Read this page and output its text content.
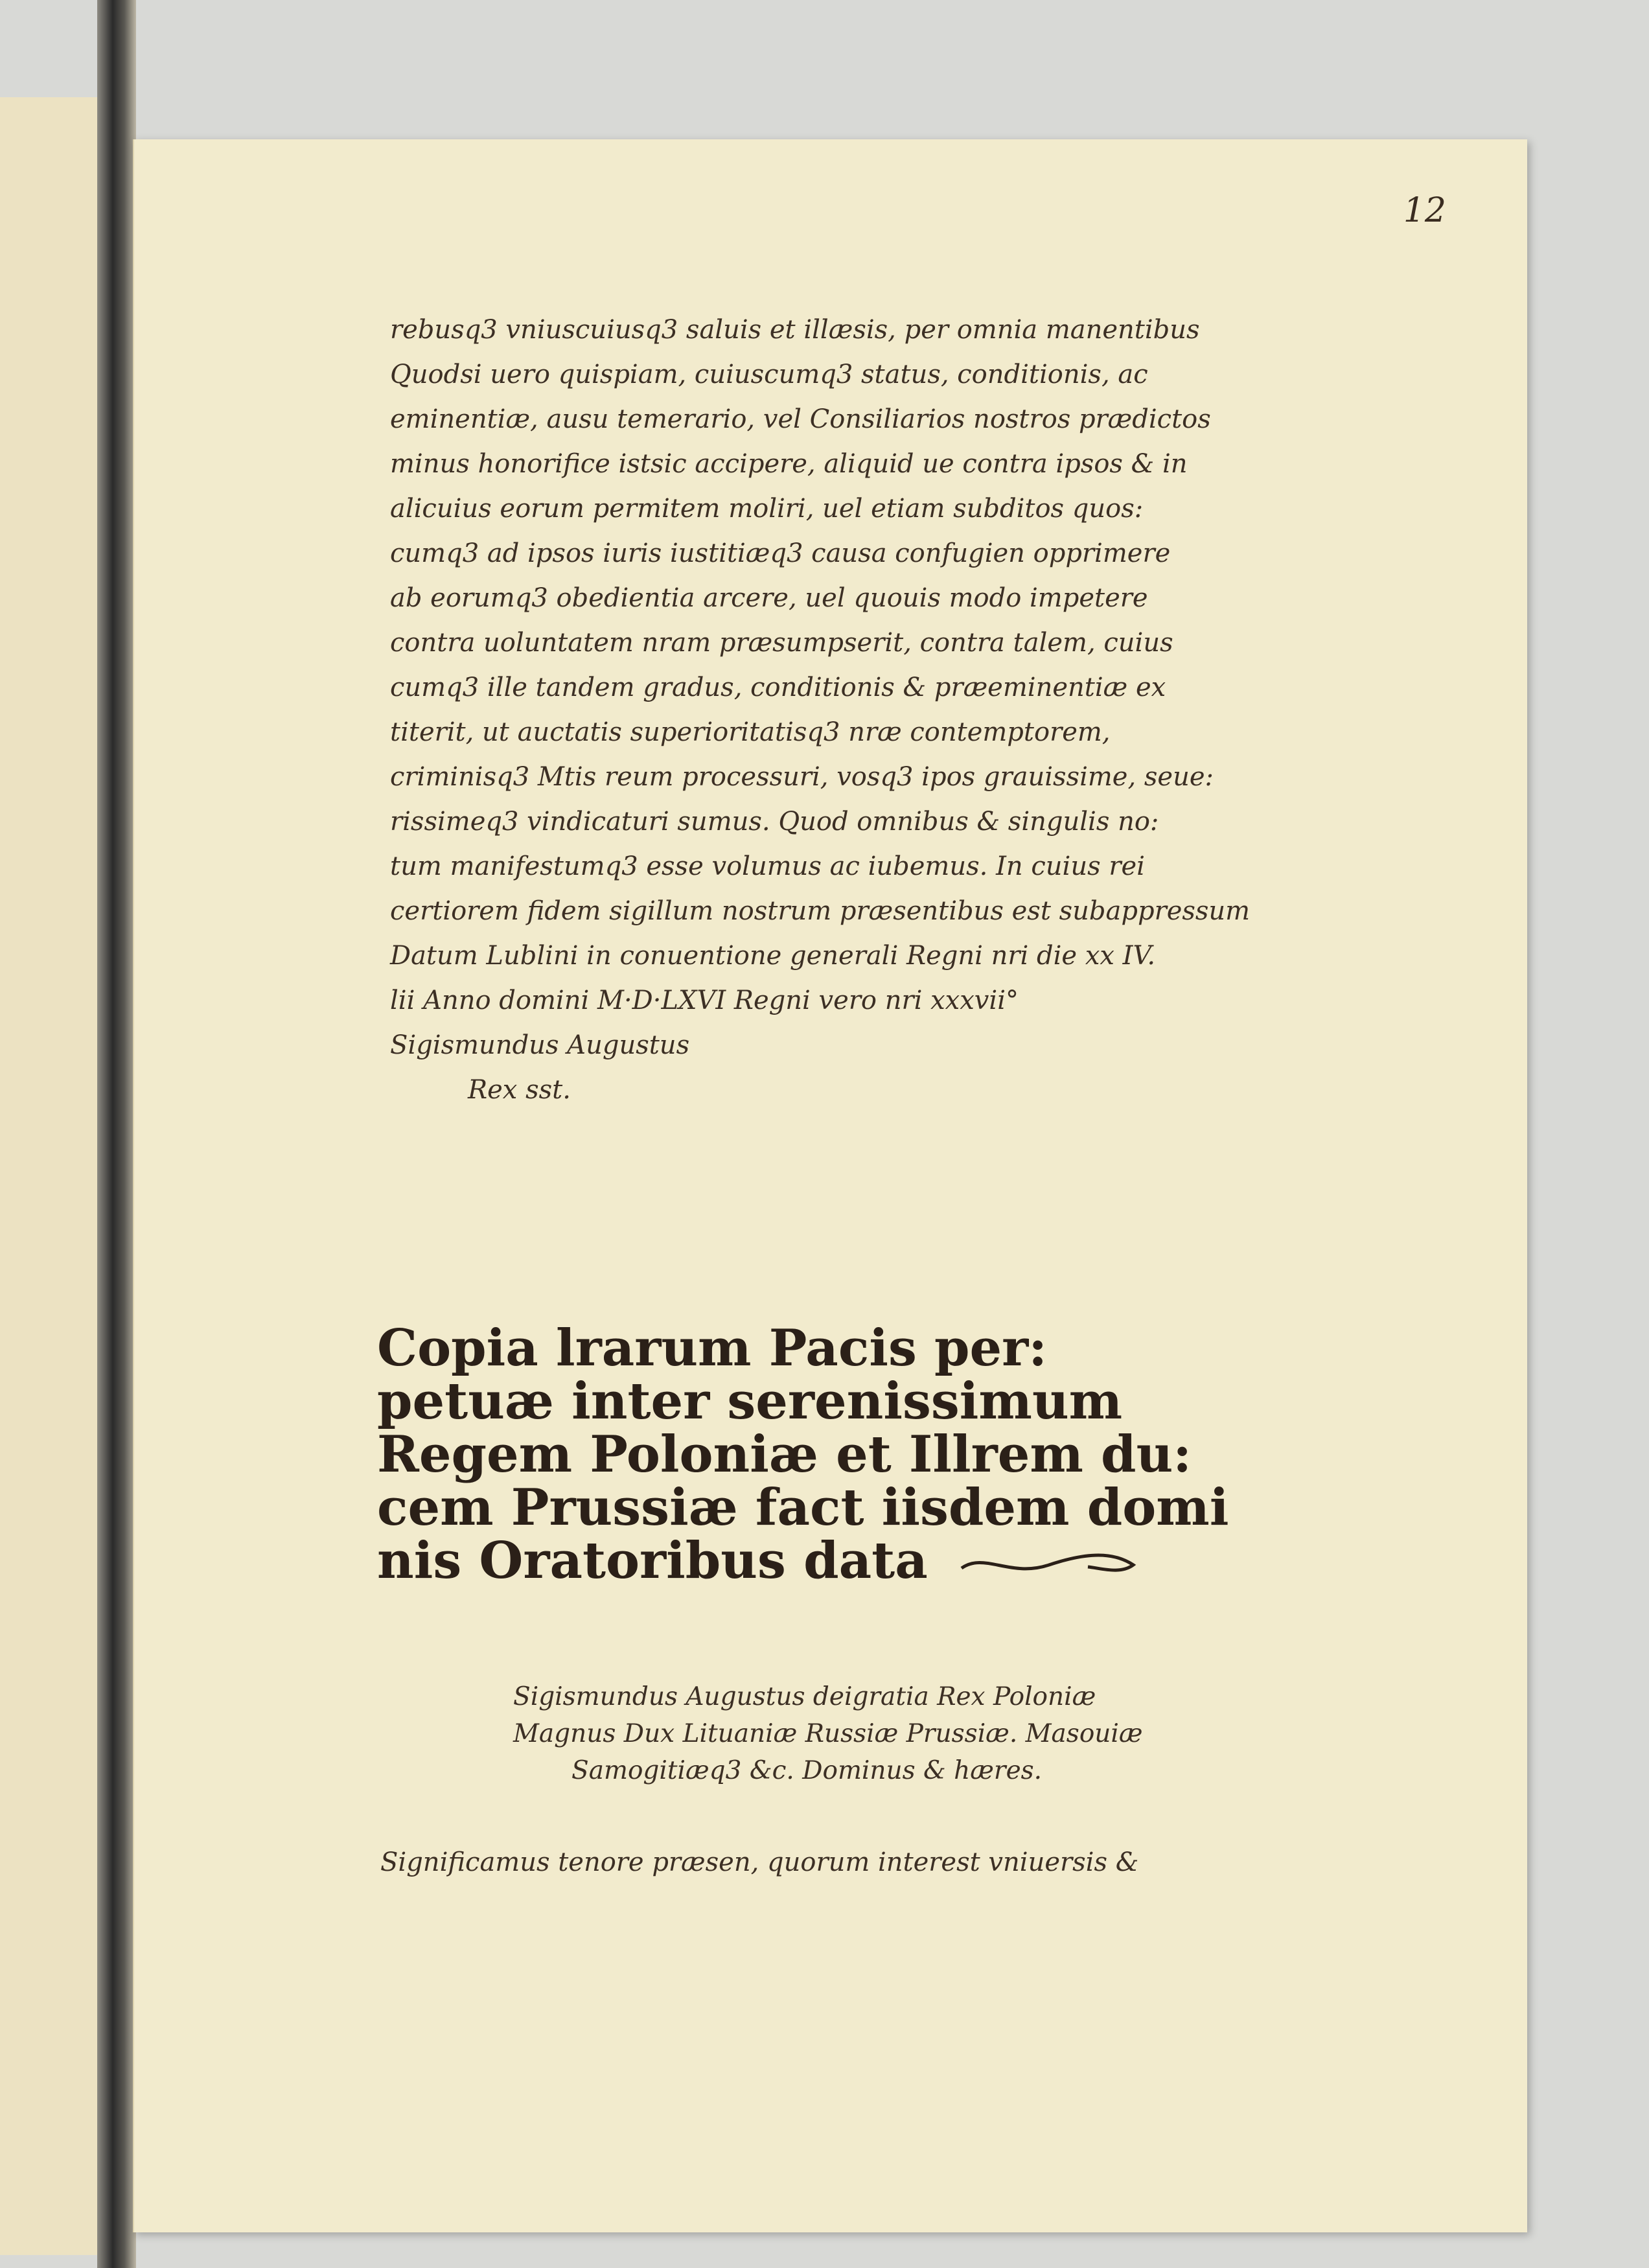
12
rebusq3 vniuscuiusq3 saluis et illæsis, per omnia manentibus
Quodsi uero quispiam, cuiuscumq3 status, conditionis, ac
eminentiæ, ausu temerario, vel Consiliarios nostros prædictos
minus honorifice istsic accipere, aliquid ue contra ipsos & in
alicuius eorum permitem moliri, uel etiam subditos quos:
cumq3 ad ipsos iuris iustitiæq3 causa confugien opprimere
ab eorumq3 obedientia arcere, uel quouis modo impetere
contra uoluntatem nram præsumpserit, contra talem, cuius
cumq3 ille tandem gradus, conditionis & præeminentiæ ex
titerit, ut auctatis superioritatisq3 nræ contemptorem,
criminisq3 Mtis reum processuri, vosq3 ipos grauissime, seue:
rissimeq3 vindicaturi sumus. Quod omnibus & singulis no:
tum manifestumq3 esse volumus ac iubemus. In cuius rei
certiorem fidem sigillum nostrum præsentibus est subappressum
Datum Lublini in conuentione generali Regni nri die xx IV.
lii Anno domini M·D·LXVI Regni vero nri xxxvii°
Sigismundus Augustus
Rex sst.
Copia lrarum Pacis per:
petuæ inter serenissimum
Regem Poloniæ et Illrem du:
cem Prussiæ fact iisdem domi
nis Oratoribus data
Sigismundus Augustus deigratia Rex Poloniæ
Magnus Dux Lituaniæ Russiæ Prussiæ. Masouiæ
Samogitiæq3 &c. Dominus & hæres.
Significamus tenore præsen, quorum interest vniuersis &
